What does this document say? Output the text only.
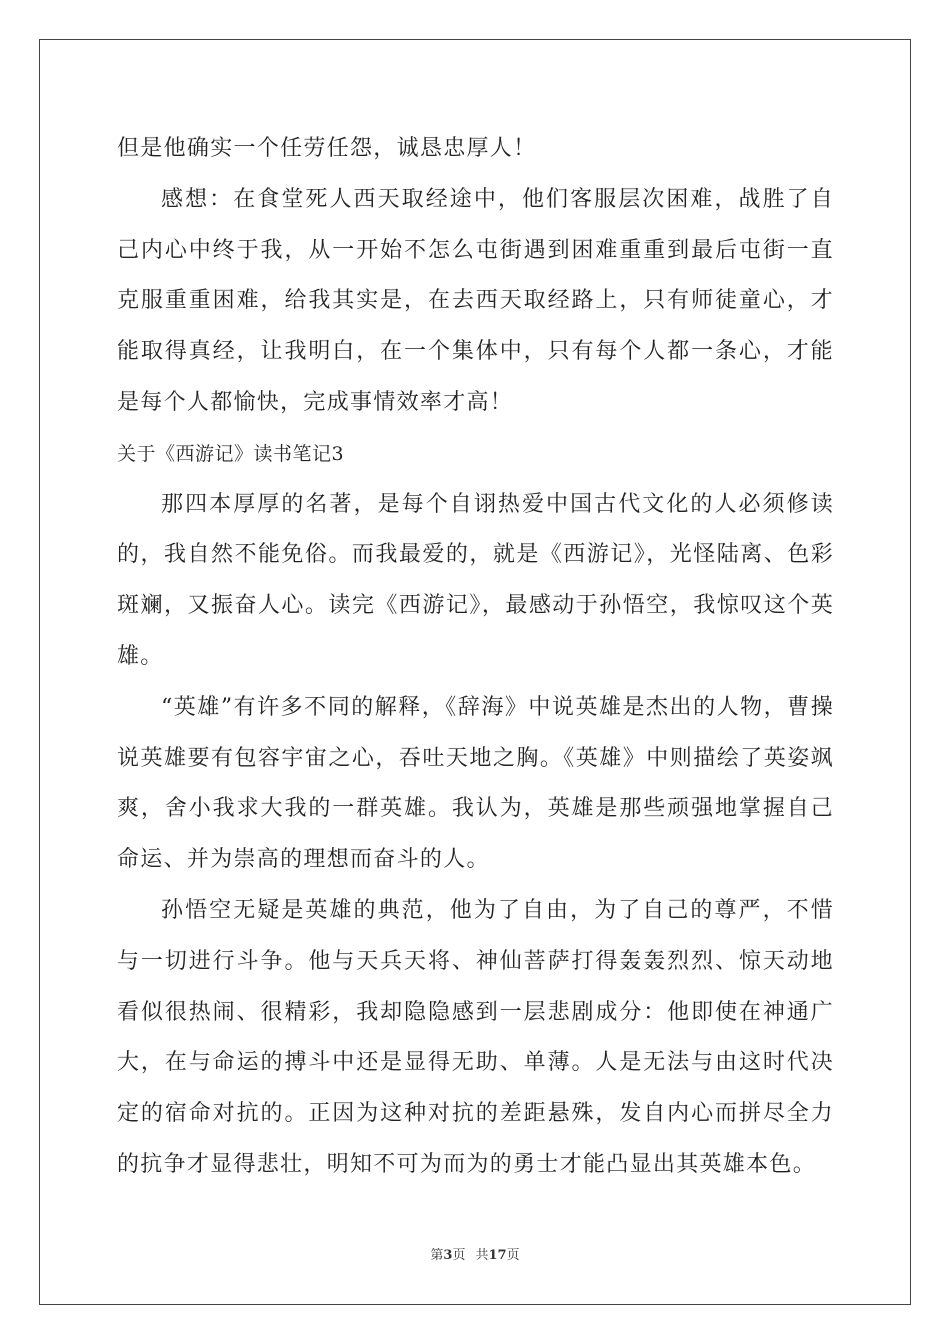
但是他确实一个任劳任怨，诚恳忠厚人！

感想：在食堂死人西天取经途中，他们客服层次困难，战胜了自己内心中终于我，从一开始不怎么屯街遇到困难重重到最后屯街一直克服重重困难，给我其实是，在去西天取经路上，只有师徒童心，才能取得真经，让我明白，在一个集体中，只有每个人都一条心，才能是每个人都愉快，完成事情效率才高！

关于《西游记》读书笔记3

那四本厚厚的名著，是每个自诩热爱中国古代文化的人必须修读的，我自然不能免俗。而我最爱的，就是《西游记》，光怪陆离、色彩斑斓，又振奋人心。读完《西游记》，最感动于孙悟空，我惊叹这个英雄。

“英雄”有许多不同的解释，《辞海》中说英雄是杰出的人物，曹操说英雄要有包容宇宙之心，吞吐天地之胸。《英雄》中则描绘了英姿飒爽，舍小我求大我的一群英雄。我认为，英雄是那些顽强地掌握自己命运、并为崇高的理想而奋斗的人。

孙悟空无疑是英雄的典范，他为了自由，为了自己的尊严，不惜与一切进行斗争。他与天兵天将、神仙菩萨打得轰轰烈烈、惊天动地看似很热闹、很精彩，我却隐隐感到一层悲剧成分：他即使在神通广大，在与命运的搏斗中还是显得无助、单薄。人是无法与由这时代决定的宿命对抗的。正因为这种对抗的差距悬殊，发自内心而拼尽全力的抗争才显得悲壮，明知不可为而为的勇士才能凸显出其英雄本色。

第3页 共17页
